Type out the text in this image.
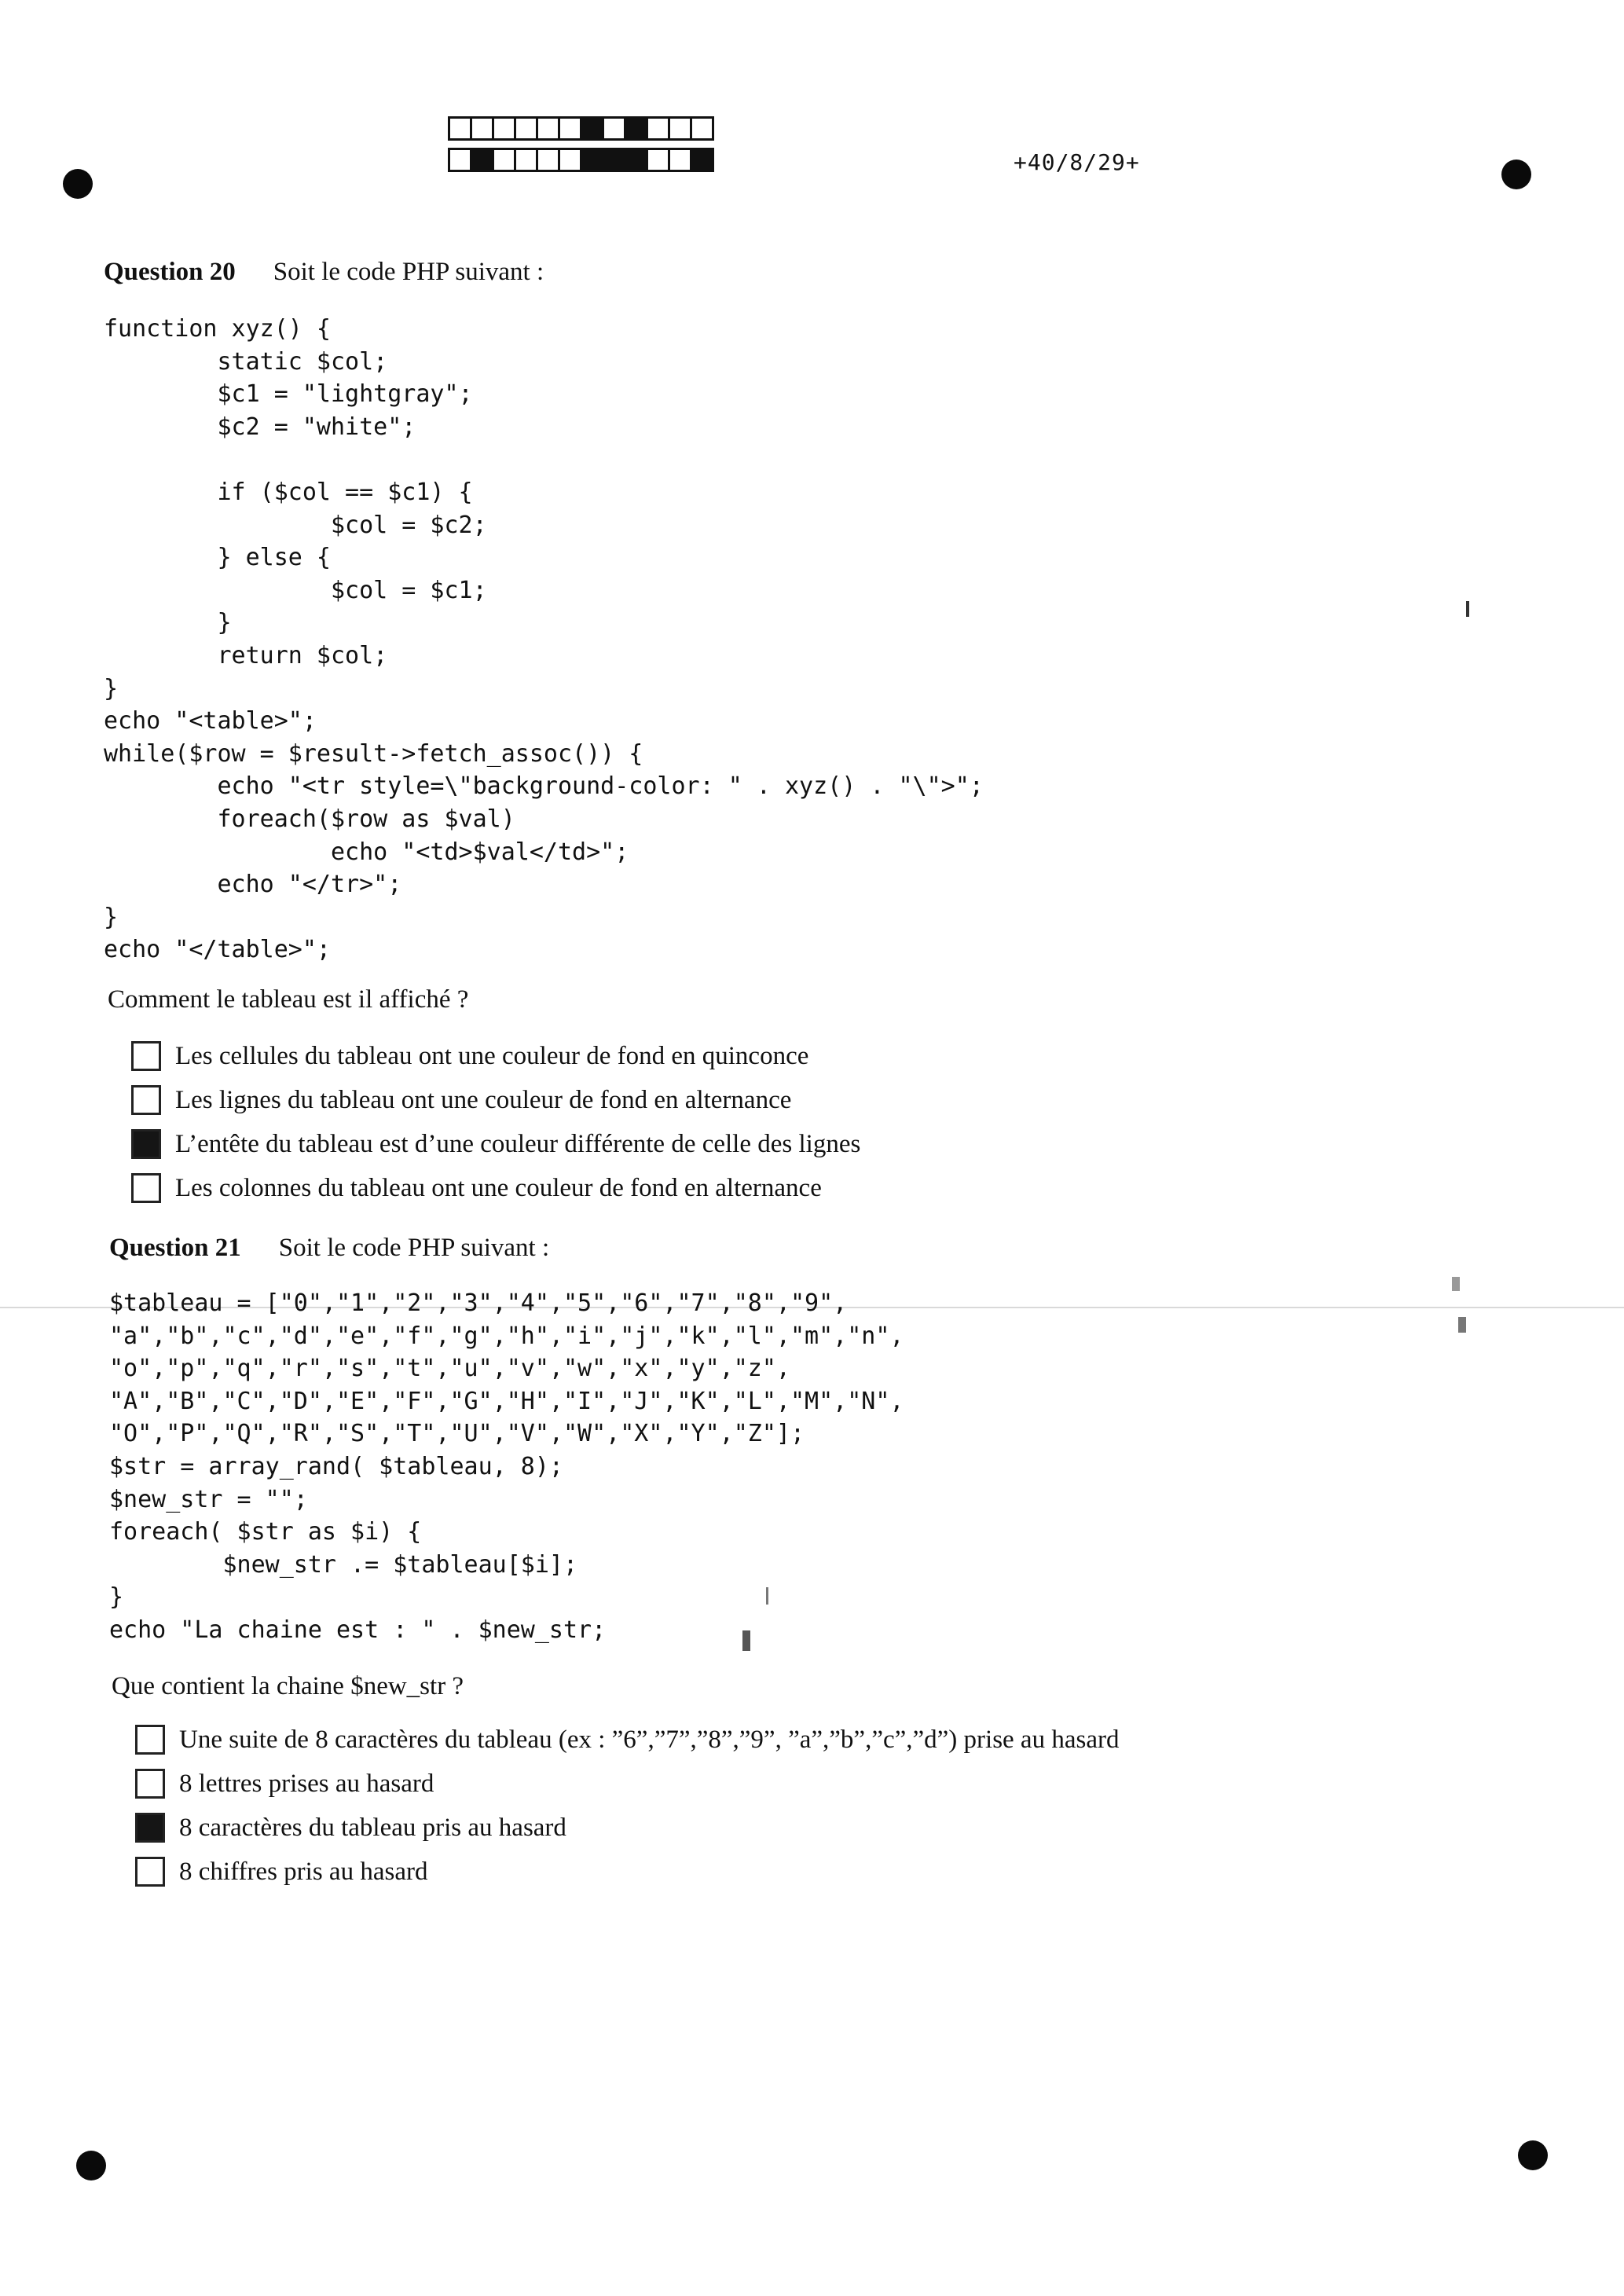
+40/8/29+
Question 20 Soit le code PHP suivant :
function xyz() {
static $col;
$c1 = "lightgray";
$c2 = "white";

if ($col == $c1) {
$col = $c2;
} else {
$col = $c1;
}
return $col;
}
echo "<table>";
while($row = $result->fetch_assoc()) {
echo "<tr style=\"background-color: " . xyz() . "\">";
foreach($row as $val)
echo "<td>$val</td>";
echo "</tr>";
}
echo "</table>";
Comment le tableau est il affiché ?
Les cellules du tableau ont une couleur de fond en quinconce
Les lignes du tableau ont une couleur de fond en alternance
L’entête du tableau est d’une couleur différente de celle des lignes
Les colonnes du tableau ont une couleur de fond en alternance
Question 21 Soit le code PHP suivant :
$tableau = ["0","1","2","3","4","5","6","7","8","9",
"a","b","c","d","e","f","g","h","i","j","k","l","m","n",
"o","p","q","r","s","t","u","v","w","x","y","z",
"A","B","C","D","E","F","G","H","I","J","K","L","M","N",
"O","P","Q","R","S","T","U","V","W","X","Y","Z"];
$str = array_rand( $tableau, 8);
$new_str = "";
foreach( $str as $i) {
$new_str .= $tableau[$i];
}
echo "La chaine est : " . $new_str;
Que contient la chaine $new_str ?
Une suite de 8 caractères du tableau (ex : ”6”,”7”,”8”,”9”, ”a”,”b”,”c”,”d”) prise au hasard
8 lettres prises au hasard
8 caractères du tableau pris au hasard
8 chiffres pris au hasard
